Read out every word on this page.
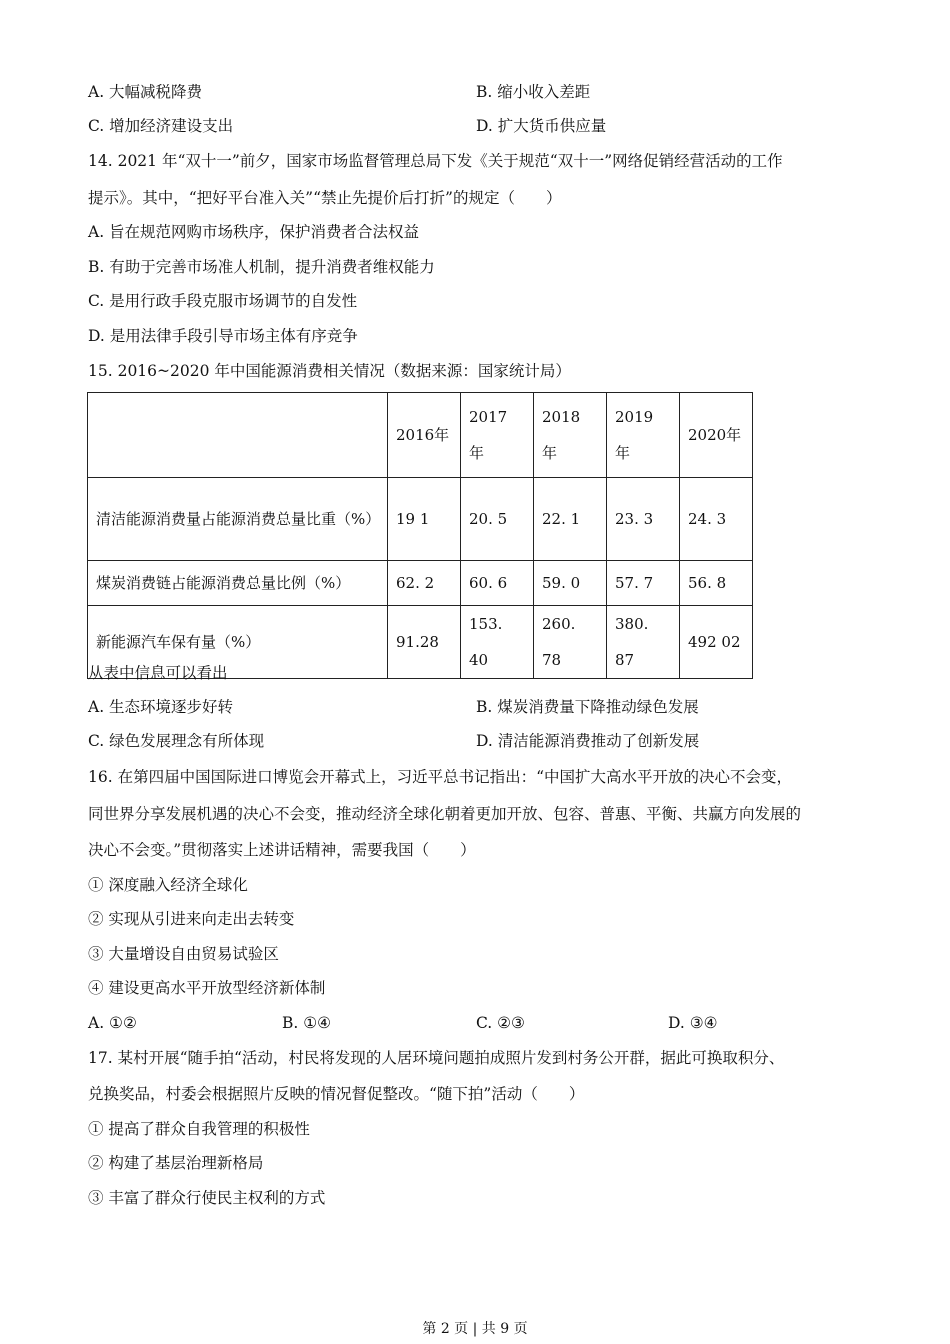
A. 大幅减税降费	B. 缩小收入差距
C. 增加经济建设支出	D. 扩大货币供应量
14. 2021 年“双十一”前夕，国家市场监督管理总局下发《关于规范“双十一”网络促销经营活动的工作
提示》。其中，“把好平台准入关”“禁止先提价后打折”的规定（　　）
A. 旨在规范网购市场秩序，保护消费者合法权益
B. 有助于完善市场准人机制，提升消费者维权能力
C. 是用行政手段克服市场调节的自发性
D. 是用法律手段引导市场主体有序竞争
15. 2016~2020 年中国能源消费相关情况（数据来源：国家统计局）
	2016年	2017 年	2018 年	2019 年	2020年
清洁能源消费量占能源消费总量比重（%）	19 1	20. 5	22. 1	23. 3	24. 3
煤炭消费链占能源消费总量比例（%）	62. 2	60. 6	59. 0	57. 7	56. 8
新能源汽车保有量（%）	91.28	153. 40	260. 78	380. 87	492 02
从表中信息可以看出
A. 生态环境逐步好转	B. 煤炭消费量下降推动绿色发展
C. 绿色发展理念有所体现	D. 清洁能源消费推动了创新发展
16. 在第四届中国国际进口博览会开幕式上，习近平总书记指出：“中国扩大高水平开放的决心不会变，
同世界分享发展机遇的决心不会变，推动经济全球化朝着更加开放、包容、普惠、平衡、共赢方向发展的
决心不会变。”贯彻落实上述讲话精神，需要我国（　　）
① 深度融入经济全球化
② 实现从引进来向走出去转变
③ 大量增设自由贸易试验区
④ 建设更高水平开放型经济新体制
A. ①②	B. ①④	C. ②③	D. ③④
17. 某村开展“随手拍“活动，村民将发现的人居环境问题拍成照片发到村务公开群，据此可换取积分、
兑换奖品，村委会根据照片反映的情况督促整改。“随下拍”活动（　　）
① 提高了群众自我管理的积极性
② 构建了基层治理新格局
③ 丰富了群众行使民主权利的方式
第 2 页 | 共 9 页
